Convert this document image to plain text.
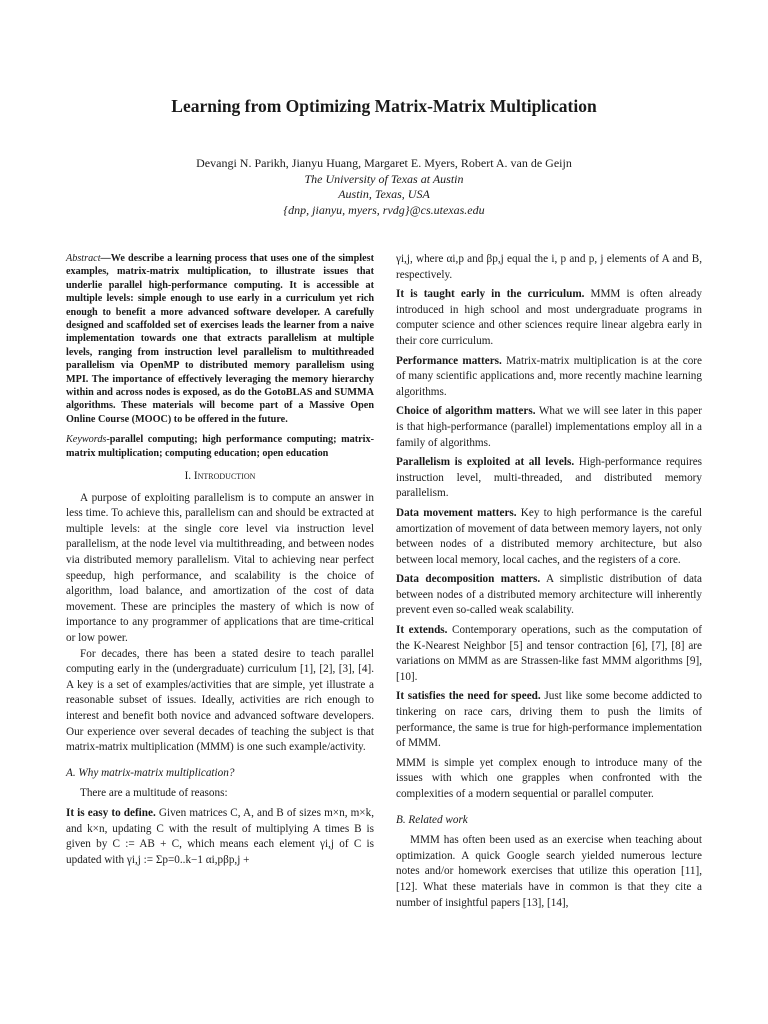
Learning from Optimizing Matrix-Matrix Multiplication
Devangi N. Parikh, Jianyu Huang, Margaret E. Myers, Robert A. van de Geijn
The University of Texas at Austin
Austin, Texas, USA
{dnp, jianyu, myers, rvdg}@cs.utexas.edu

Abstract—We describe a learning process that uses one of the simplest examples, matrix-matrix multiplication, to illustrate issues that underlie parallel high-performance computing. It is accessible at multiple levels: simple enough to use early in a curriculum yet rich enough to benefit a more advanced software developer. A carefully designed and scaffolded set of exercises leads the learner from a naive implementation towards one that extracts parallelism at multiple levels, ranging from instruction level parallelism to multithreaded parallelism via OpenMP to distributed memory parallelism using MPI. The importance of effectively leveraging the memory hierarchy within and across nodes is exposed, as do the GotoBLAS and SUMMA algorithms. These materials will become part of a Massive Open Online Course (MOOC) to be offered in the future.

Keywords-parallel computing; high performance computing; matrix-matrix multiplication; computing education; open education

I. Introduction

A purpose of exploiting parallelism is to compute an answer in less time. To achieve this, parallelism can and should be extracted at multiple levels: at the single core level via instruction level parallelism, at the node level via multithreading, and between nodes via distributed memory parallelism. Vital to achieving near perfect speedup, high performance, and scalability is the choice of algorithm, load balance, and amortization of the cost of data movement. These are principles the mastery of which is now of importance to any programmer of applications that are time-critical or low power.

For decades, there has been a stated desire to teach parallel computing early in the (undergraduate) curriculum [1], [2], [3], [4]. A key is a set of examples/activities that are simple, yet illustrate a reasonable subset of issues. Ideally, activities are rich enough to interest and benefit both novice and advanced software developers. Our experience over several decades of teaching the subject is that matrix-matrix multiplication (MMM) is one such example/activity.

A. Why matrix-matrix multiplication?

There are a multitude of reasons:

It is easy to define. Given matrices C, A, and B of sizes m×n, m×k, and k×n, updating C with the result of multiplying A times B is given by C := AB + C, which means each element γi,j of C is updated with γi,j := Σp=0..k−1 αi,pβp,j +

γi,j, where αi,p and βp,j equal the i, p and p, j elements of A and B, respectively.

It is taught early in the curriculum. MMM is often already introduced in high school and most undergraduate programs in computer science and other sciences require linear algebra early in their core curriculum.

Performance matters. Matrix-matrix multiplication is at the core of many scientific applications and, more recently machine learning algorithms.

Choice of algorithm matters. What we will see later in this paper is that high-performance (parallel) implementations employ all in a family of algorithms.

Parallelism is exploited at all levels. High-performance requires instruction level, multi-threaded, and distributed memory parallelism.

Data movement matters. Key to high performance is the careful amortization of movement of data between memory layers, not only between nodes of a distributed memory architecture, but also between local memory, local caches, and the registers of a core.

Data decomposition matters. A simplistic distribution of data between nodes of a distributed memory architecture will inherently prevent even so-called weak scalability.

It extends. Contemporary operations, such as the computation of the K-Nearest Neighbor [5] and tensor contraction [6], [7], [8] are variations on MMM as are Strassen-like fast MMM algorithms [9], [10].

It satisfies the need for speed. Just like some become addicted to tinkering on race cars, driving them to push the limits of performance, the same is true for high-performance implementation of MMM.

MMM is simple yet complex enough to introduce many of the issues with which one grapples when confronted with the complexities of a modern sequential or parallel computer.

B. Related work

MMM has often been used as an exercise when teaching about optimization. A quick Google search yielded numerous lecture notes and/or homework exercises that utilize this operation [11], [12]. What these materials have in common is that they cite a number of insightful papers [13], [14],
